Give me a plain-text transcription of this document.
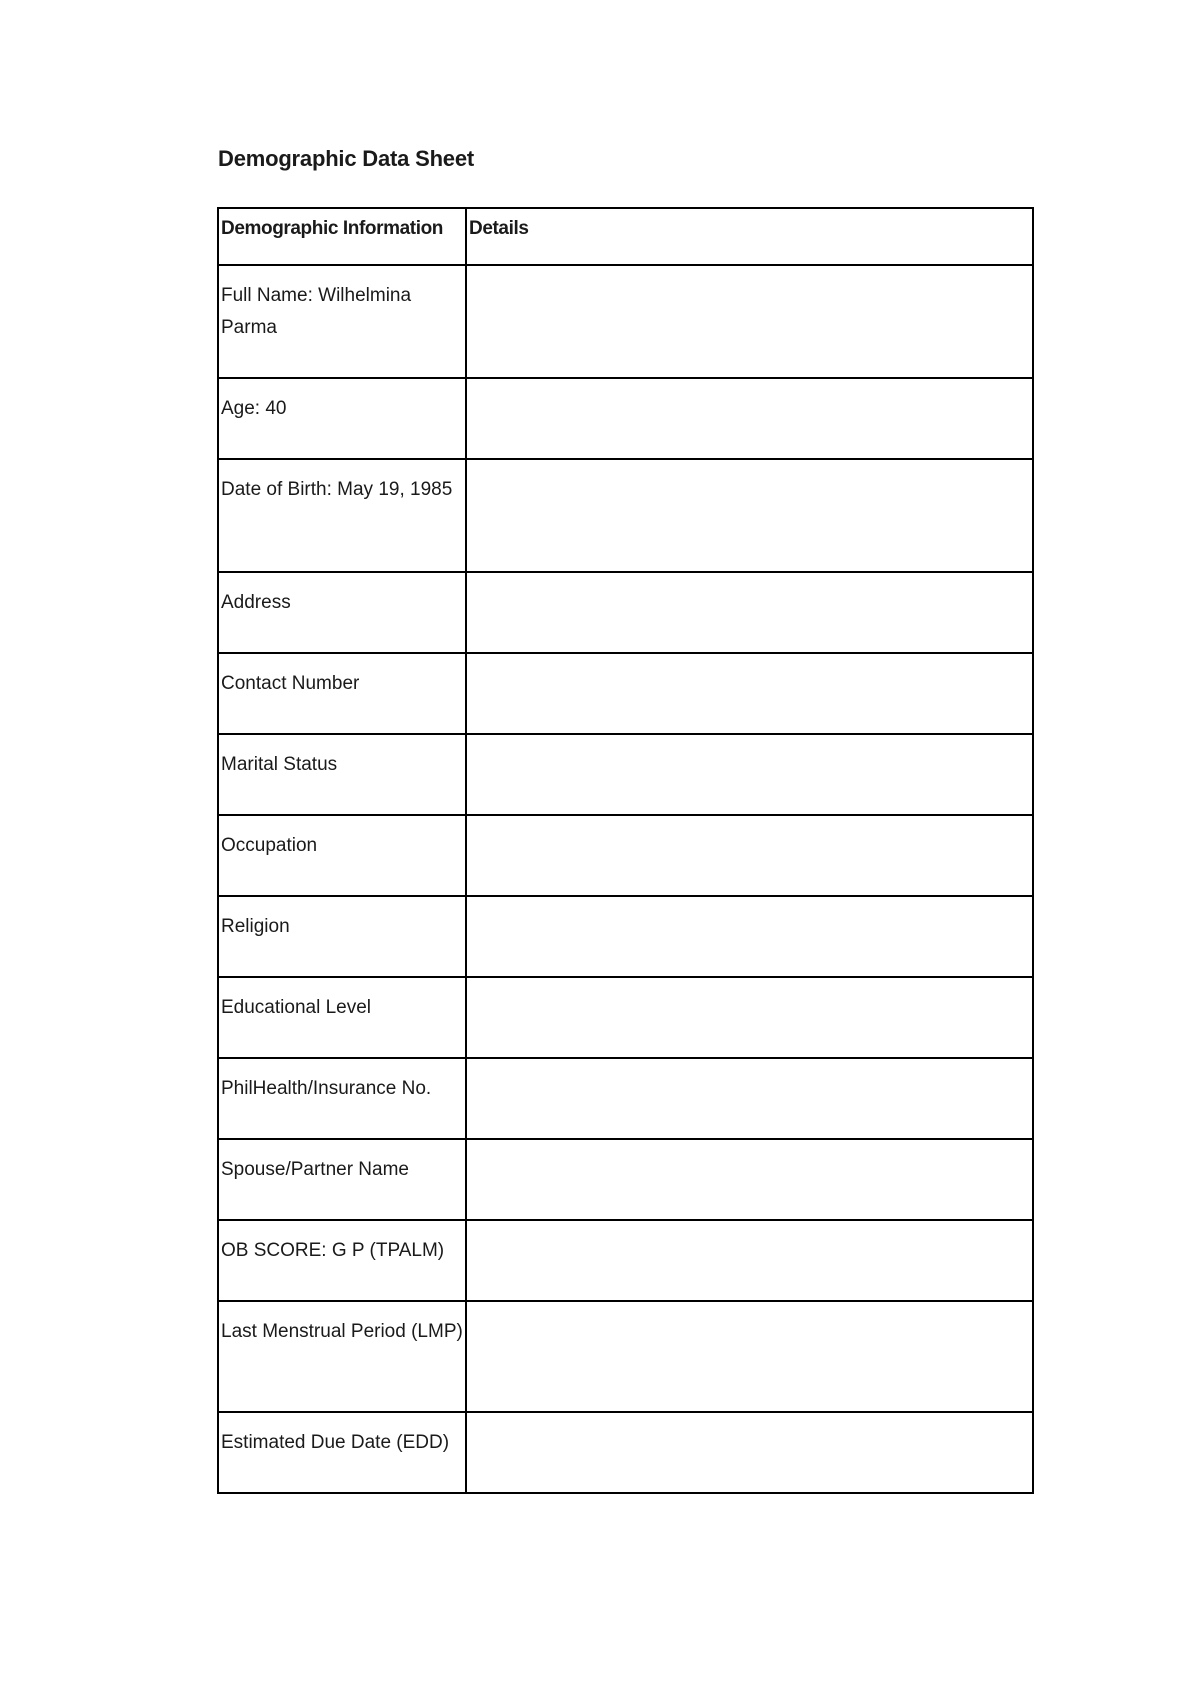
Demographic Data Sheet
Demographic Information	Details
Full Name: Wilhelmina Parma	
Age: 40	
Date of Birth: May 19, 1985	
Address	
Contact Number	
Marital Status	
Occupation	
Religion	
Educational Level	
PhilHealth/Insurance No.	
Spouse/Partner Name	
OB SCORE: G P (TPALM)	
Last Menstrual Period (LMP)	
Estimated Due Date (EDD)	
